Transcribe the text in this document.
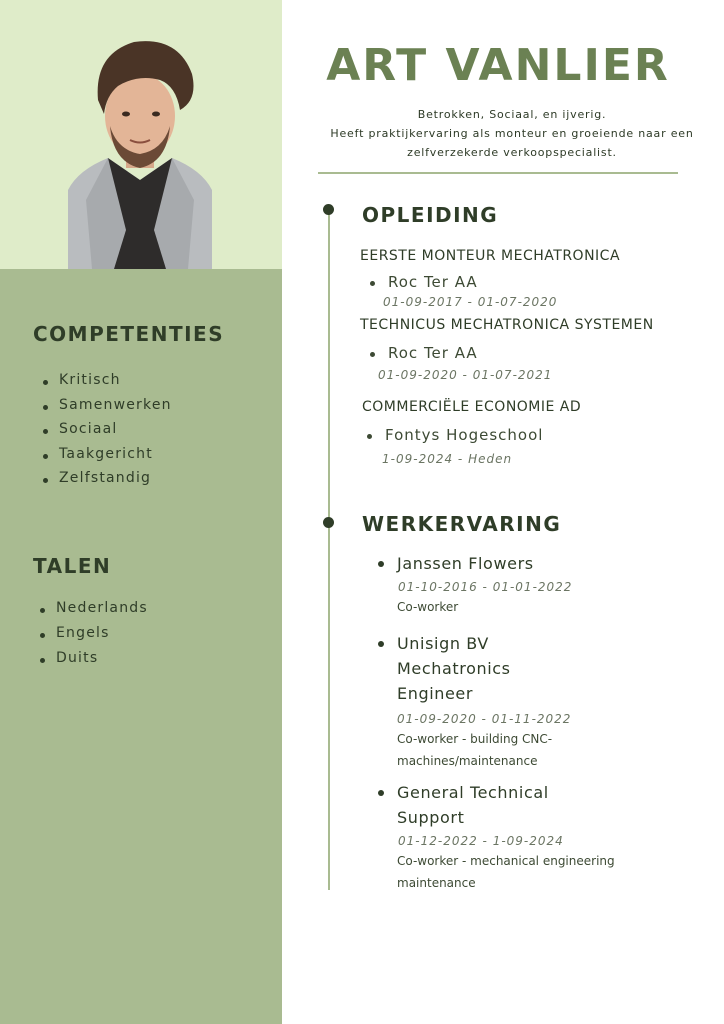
COMPETENTIES
Kritisch
Samenwerken
Sociaal
Taakgericht
Zelfstandig
TALEN
Nederlands
Engels
Duits
ART VANLIER
Betrokken, Sociaal, en ijverig.
Heeft praktijkervaring als monteur en groeiende naar een
zelfverzekerde verkoopspecialist.
OPLEIDING
EERSTE MONTEUR MECHATRONICA
Roc Ter AA
01-09-2017 - 01-07-2020
TECHNICUS MECHATRONICA SYSTEMEN
Roc Ter AA
01-09-2020 - 01-07-2021
COMMERCIËLE ECONOMIE AD
Fontys Hogeschool
1-09-2024 - Heden
WERKERVARING
Janssen Flowers
01-10-2016 - 01-01-2022
Co-worker
Unisign BV
Mechatronics
Engineer
01-09-2020 - 01-11-2022
Co-worker - building CNC-
machines/maintenance
General Technical
Support
01-12-2022 - 1-09-2024
Co-worker - mechanical engineering
maintenance
